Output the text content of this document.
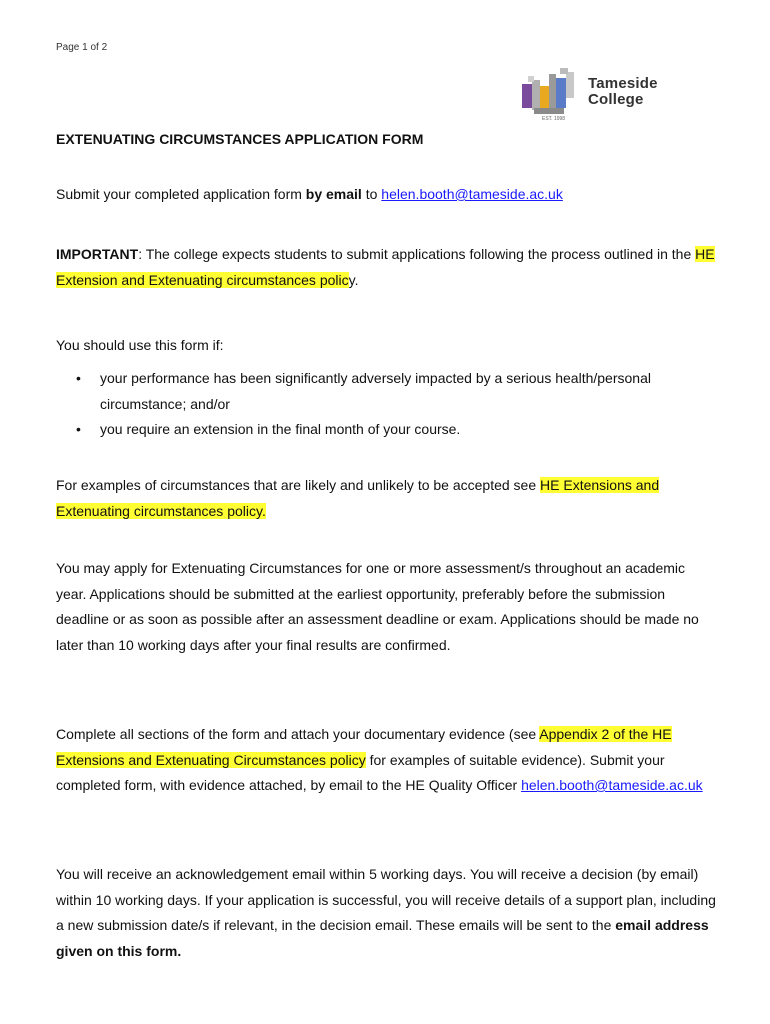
Page 1 of 2
EST. 1998
Tameside
College
EXTENUATING CIRCUMSTANCES APPLICATION FORM

Submit your completed application form by email to helen.booth@tameside.ac.uk

IMPORTANT: The college expects students to submit applications following the process outlined in the HE Extension and Extenuating circumstances policy.

You should use this form if:

• your performance has been significantly adversely impacted by a serious health/personal circumstance; and/or
• you require an extension in the final month of your course.

For examples of circumstances that are likely and unlikely to be accepted see HE Extensions and Extenuating circumstances policy.

You may apply for Extenuating Circumstances for one or more assessment/s throughout an academic year. Applications should be submitted at the earliest opportunity, preferably before the submission deadline or as soon as possible after an assessment deadline or exam. Applications should be made no later than 10 working days after your final results are confirmed.

Complete all sections of the form and attach your documentary evidence (see Appendix 2 of the HE Extensions and Extenuating Circumstances policy for examples of suitable evidence). Submit your completed form, with evidence attached, by email to the HE Quality Officer helen.booth@tameside.ac.uk

You will receive an acknowledgement email within 5 working days. You will receive a decision (by email) within 10 working days. If your application is successful, you will receive details of a support plan, including a new submission date/s if relevant, in the decision email. These emails will be sent to the email address given on this form.
